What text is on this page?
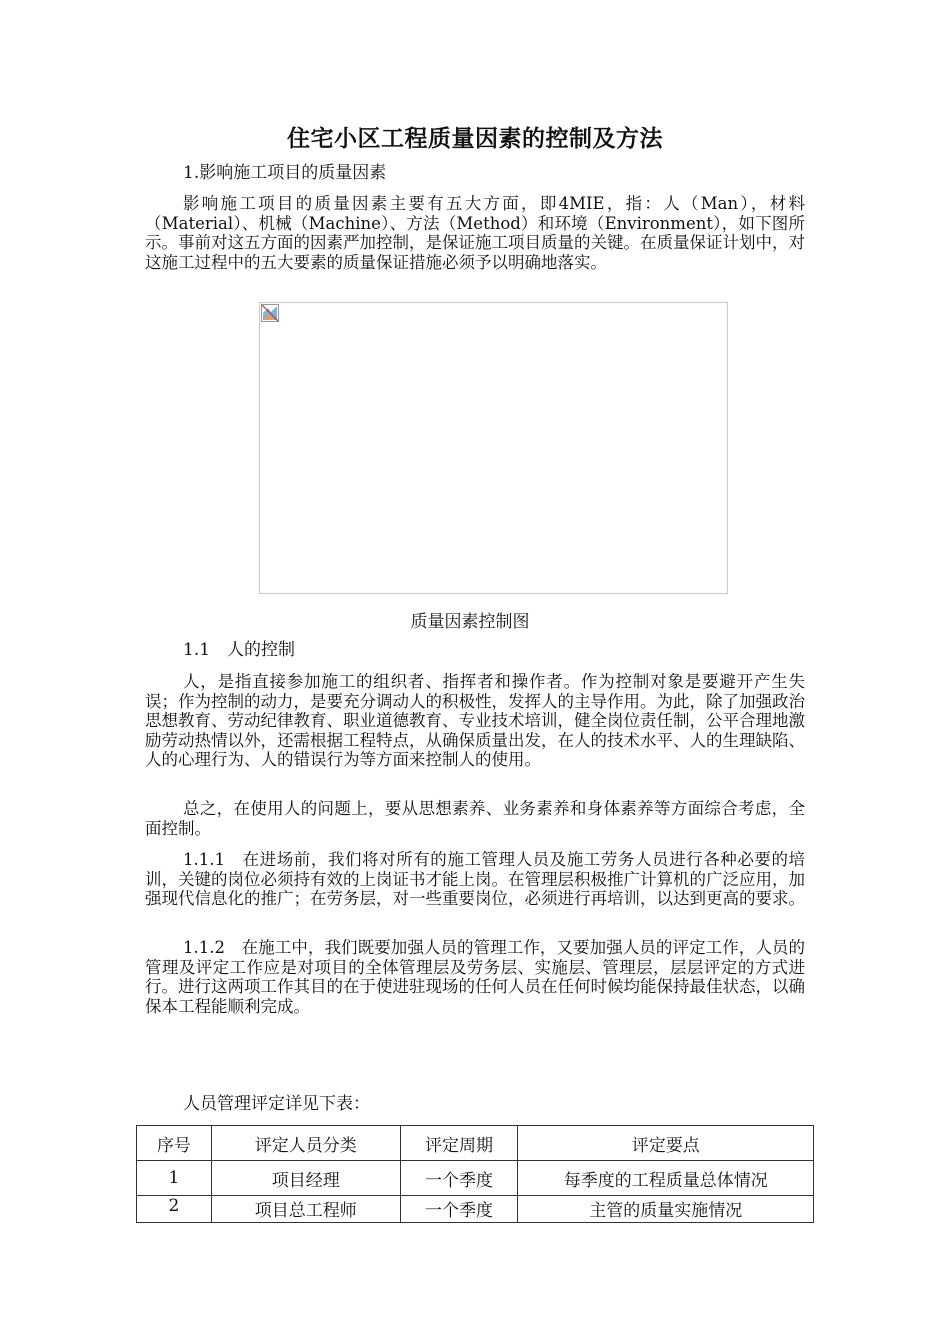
住宅小区工程质量因素的控制及方法
1.影响施工项目的质量因素
影响施工项目的质量因素主要有五大方面，即4MIE，指：人（Man），材料（Material）、机械（Machine）、方法（Method）和环境（Environment），如下图所示。事前对这五方面的因素严加控制，是保证施工项目质量的关键。在质量保证计划中，对这施工过程中的五大要素的质量保证措施必须予以明确地落实。
质量因素控制图
1.1　人的控制
人，是指直接参加施工的组织者、指挥者和操作者。作为控制对象是要避开产生失误；作为控制的动力，是要充分调动人的积极性，发挥人的主导作用。为此，除了加强政治思想教育、劳动纪律教育、职业道德教育、专业技术培训，健全岗位责任制，公平合理地激励劳动热情以外，还需根据工程特点，从确保质量出发，在人的技术水平、人的生理缺陷、人的心理行为、人的错误行为等方面来控制人的使用。
总之，在使用人的问题上，要从思想素养、业务素养和身体素养等方面综合考虑，全面控制。
1.1.1　在进场前，我们将对所有的施工管理人员及施工劳务人员进行各种必要的培训，关键的岗位必须持有效的上岗证书才能上岗。在管理层积极推广计算机的广泛应用，加强现代信息化的推广；在劳务层，对一些重要岗位，必须进行再培训，以达到更高的要求。
1.1.2　在施工中，我们既要加强人员的管理工作，又要加强人员的评定工作，人员的管理及评定工作应是对项目的全体管理层及劳务层、实施层、管理层，层层评定的方式进行。进行这两项工作其目的在于使进驻现场的任何人员在任何时候均能保持最佳状态，以确保本工程能顺利完成。
人员管理评定详见下表：
序号	评定人员分类	评定周期	评定要点
1	项目经理	一个季度	每季度的工程质量总体情况
2	项目总工程师	一个季度	主管的质量实施情况
